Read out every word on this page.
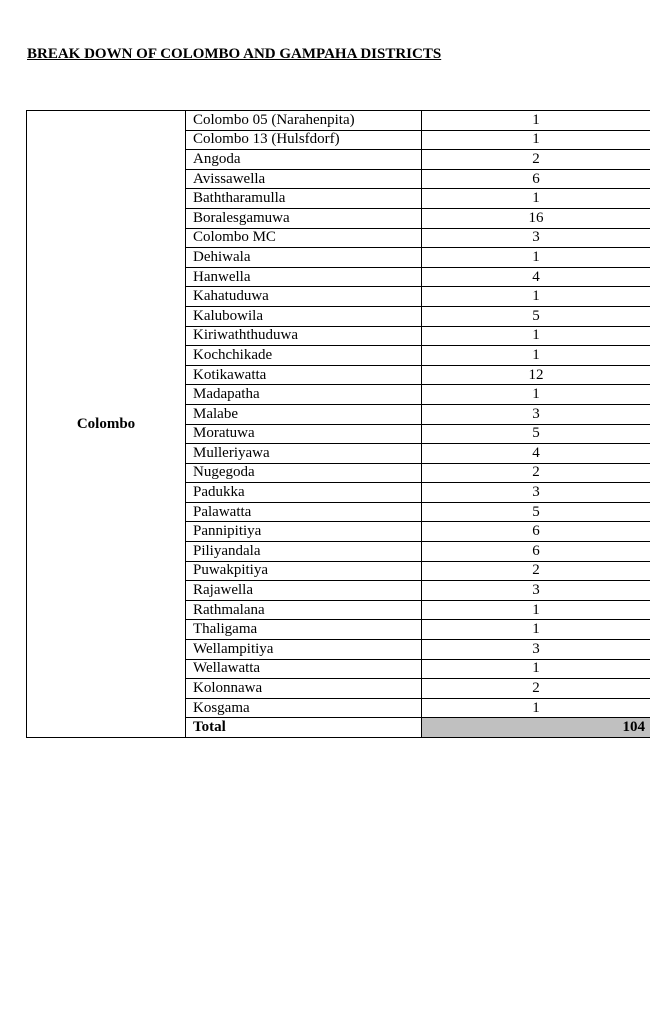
BREAK DOWN OF COLOMBO AND GAMPAHA DISTRICTS
Colombo	Colombo 05 (Narahenpita)	1
	Colombo 13 (Hulsfdorf)	1
	Angoda	2
	Avissawella	6
	Baththaramulla	1
	Boralesgamuwa	16
	Colombo MC	3
	Dehiwala	1
	Hanwella	4
	Kahatuduwa	1
	Kalubowila	5
	Kiriwaththuduwa	1
	Kochchikade	1
	Kotikawatta	12
	Madapatha	1
	Malabe	3
	Moratuwa	5
	Mulleriyawa	4
	Nugegoda	2
	Padukka	3
	Palawatta	5
	Pannipitiya	6
	Piliyandala	6
	Puwakpitiya	2
	Rajawella	3
	Rathmalana	1
	Thaligama	1
	Wellampitiya	3
	Wellawatta	1
	Kolonnawa	2
	Kosgama	1
	Total	104
